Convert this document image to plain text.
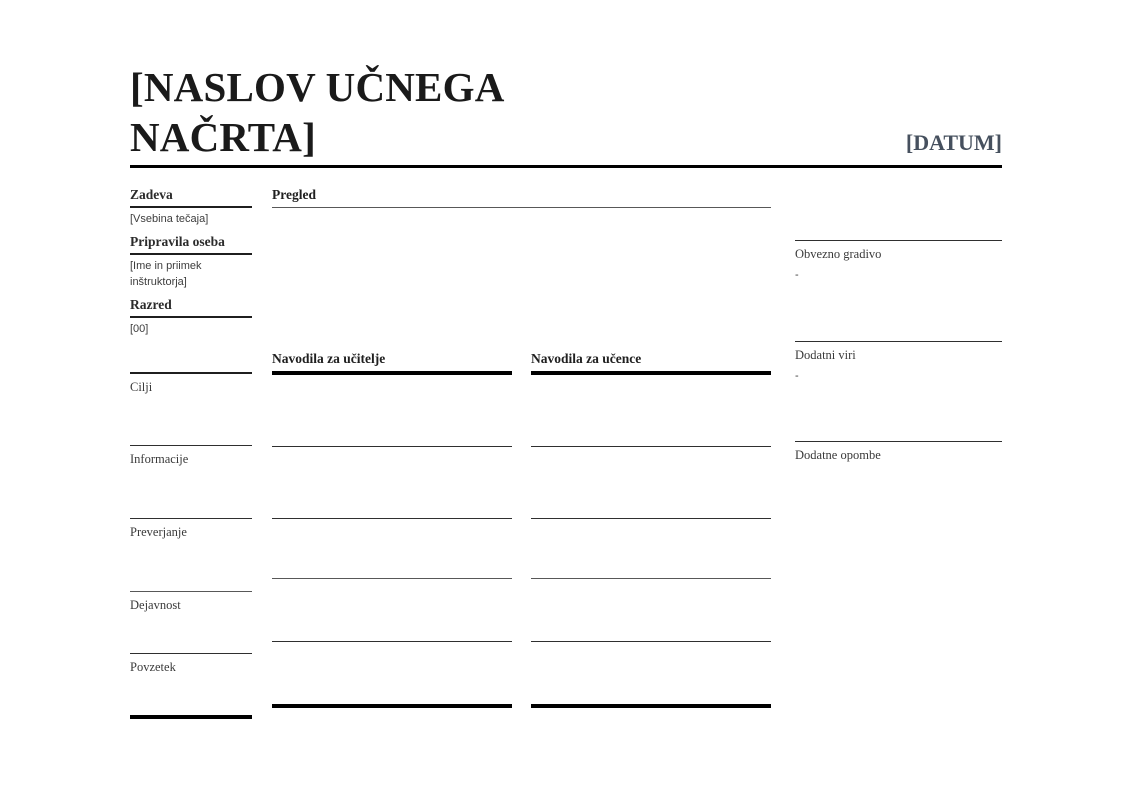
[NASLOV UČNEGA NAČRTA]	[DATUM]
Zadeva
[Vsebina tečaja]
Pripravila oseba
[Ime in priimek inštruktorja]
Razred
[00]
Cilji
Informacije
Preverjanje
Dejavnost
Povzetek
Pregled
Navodila za učitelje	Navodila za učence
Obvezno gradivo
-
Dodatni viri
-
Dodatne opombe
